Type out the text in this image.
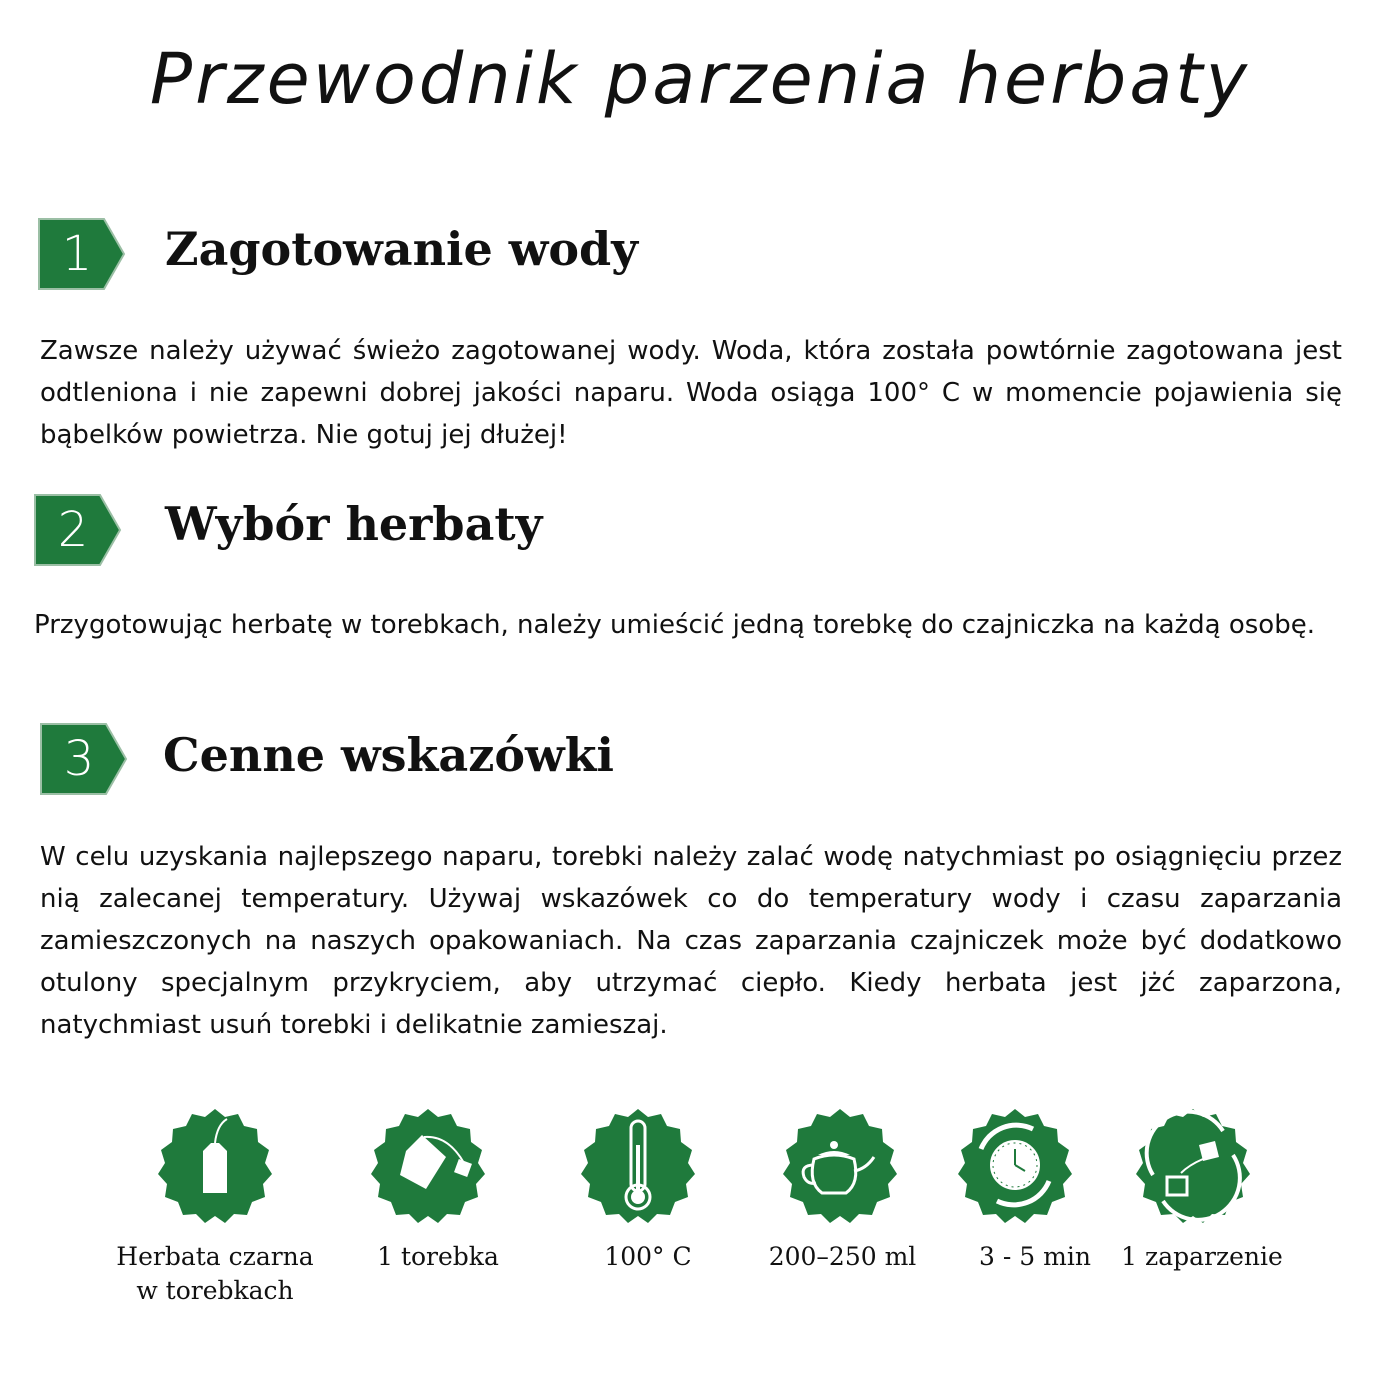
Przewodnik parzenia herbaty
1	Zagotowanie wody

Zawsze należy używać świeżo zagotowanej wody. Woda, która została powtórnie zagotowana jest odtleniona i nie zapewni dobrej jakości naparu. Woda osiąga 100° C w momencie pojawienia się bąbelków powietrza. Nie gotuj jej dłużej!

2	Wybór herbaty

Przygotowując herbatę w torebkach, należy umieścić jedną torebkę do czajniczka na każdą osobę.

3	Cenne wskazówki

W celu uzyskania najlepszego naparu, torebki należy zalać wodę natychmiast po osiągnięciu przez nią zalecanej temperatury. Używaj wskazówek co do temperatury wody i czasu zaparzania zamieszczonych na naszych opakowaniach. Na czas zaparzania czajniczek może być dodatkowo otulony specjalnym przykryciem, aby utrzymać ciepło. Kiedy herbata jest jżć zaparzona, natychmiast usuń torebki i delikatnie zamieszaj.

Herbata czarna
w torebkach
1 torebka	100° C	200–250 ml	3 - 5 min	1 zaparzenie
